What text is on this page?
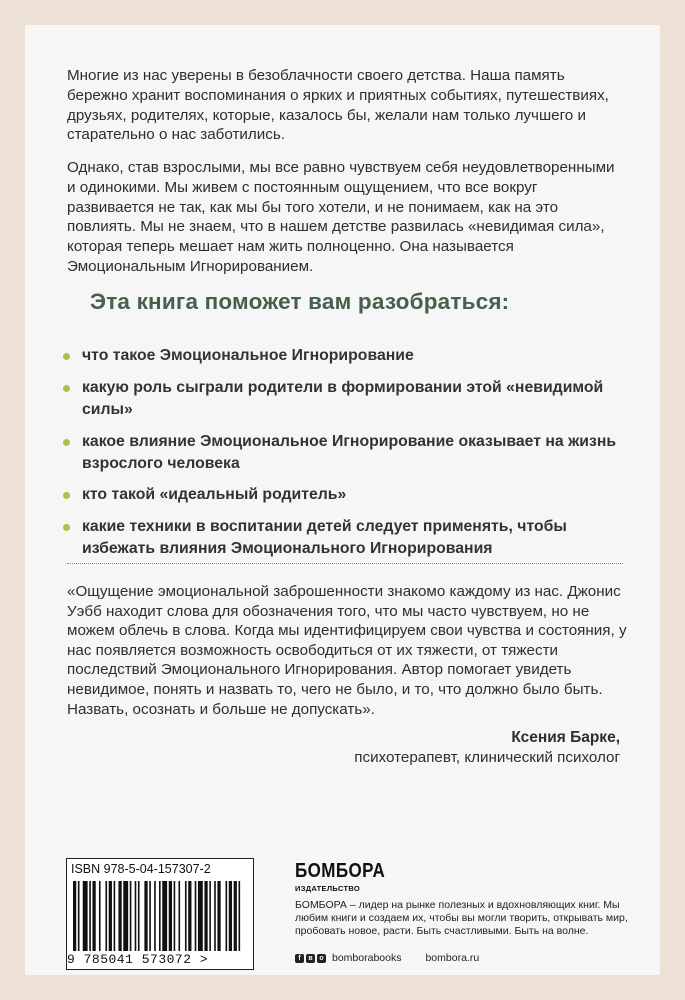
Многие из нас уверены в безоблачности своего детства. Наша память бережно хранит воспоминания о ярких и приятных событиях, путешествиях, друзьях, родителях, которые, казалось бы, желали нам только лучшего и старательно о нас заботились.

Однако, став взрослыми, мы все равно чувствуем себя неудовлетворенными и одинокими. Мы живем с постоянным ощущением, что все вокруг развивается не так, как мы бы того хотели, и не понимаем, как на это повлиять. Мы не знаем, что в нашем детстве развилась «невидимая сила», которая теперь мешает нам жить полноценно. Она называется Эмоциональным Игнорированием.

Эта книга поможет вам разобраться:
что такое Эмоциональное Игнорирование
какую роль сыграли родители в формировании этой «невидимой силы»
какое влияние Эмоциональное Игнорирование оказывает на жизнь взрослого человека
кто такой «идеальный родитель»
какие техники в воспитании детей следует применять, чтобы избежать влияния Эмоционального Игнорирования

«Ощущение эмоциональной заброшенности знакомо каждому из нас. Джонис Уэбб находит слова для обозначения того, что мы часто чувствуем, но не можем облечь в слова. Когда мы идентифицируем свои чувства и состояния, у нас появляется возможность освободиться от их тяжести, от тяжести последствий Эмоционального Игнорирования. Автор помогает увидеть невидимое, понять и назвать то, чего не было, и то, что должно было быть. Назвать, осознать и больше не допускать».

Ксения Барке,
психотерапевт, клинический психолог
ISBN 978-5-04-157307-2
9 785041 573072 >
БОМБОРА
ИЗДАТЕЛЬСТВО
БОМБОРА – лидер на рынке полезных и вдохновляющих книг. Мы любим книги и создаем их, чтобы вы могли творить, открывать мир, пробовать новое, расти. Быть счастливыми. Быть на волне.
f	в о bomborabooks bombora.ru
